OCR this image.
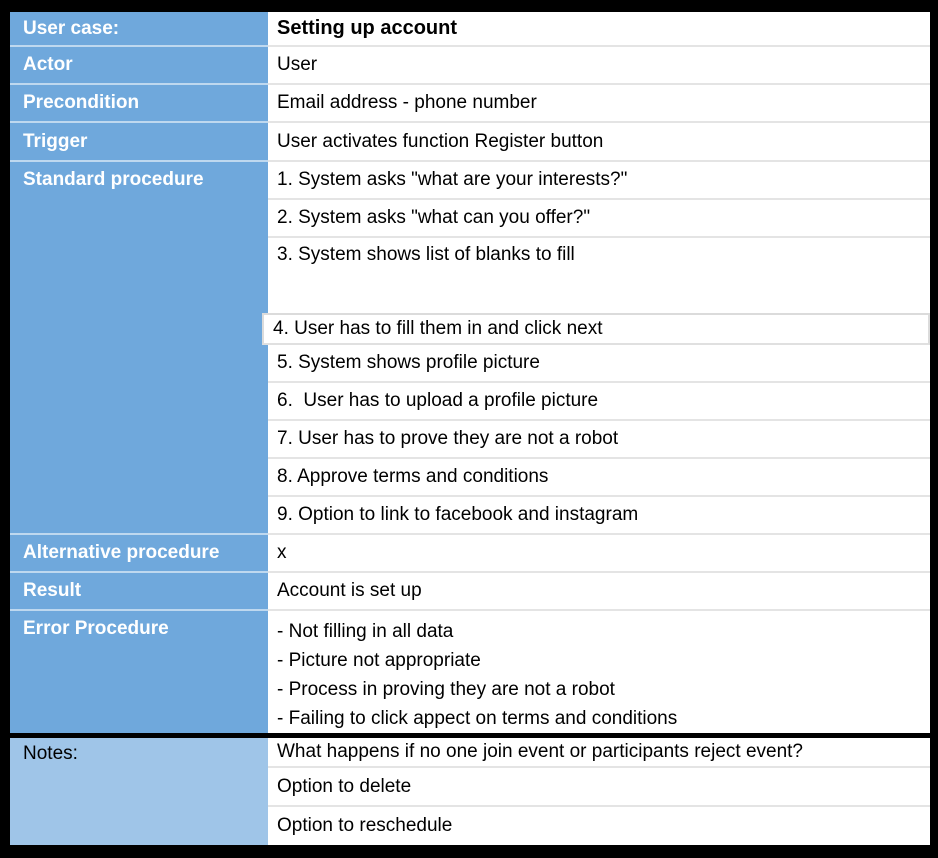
User case:	Setting up account
Actor	User
Precondition	Email address - phone number
Trigger	User activates function Register button
Standard procedure	1. System asks "what are your interests?"
2. System asks "what can you offer?"
3. System shows list of blanks to fill
4. User has to fill them in and click next
5. System shows profile picture
6.  User has to upload a profile picture
7. User has to prove they are not a robot
8. Approve terms and conditions
9. Option to link to facebook and instagram
Alternative procedure	x
Result	Account is set up
Error Procedure	- Not filling in all data
- Picture not appropriate
- Process in proving they are not a robot
- Failing to click appect on terms and conditions
Notes:	What happens if no one join event or participants reject event?
Option to delete
Option to reschedule
